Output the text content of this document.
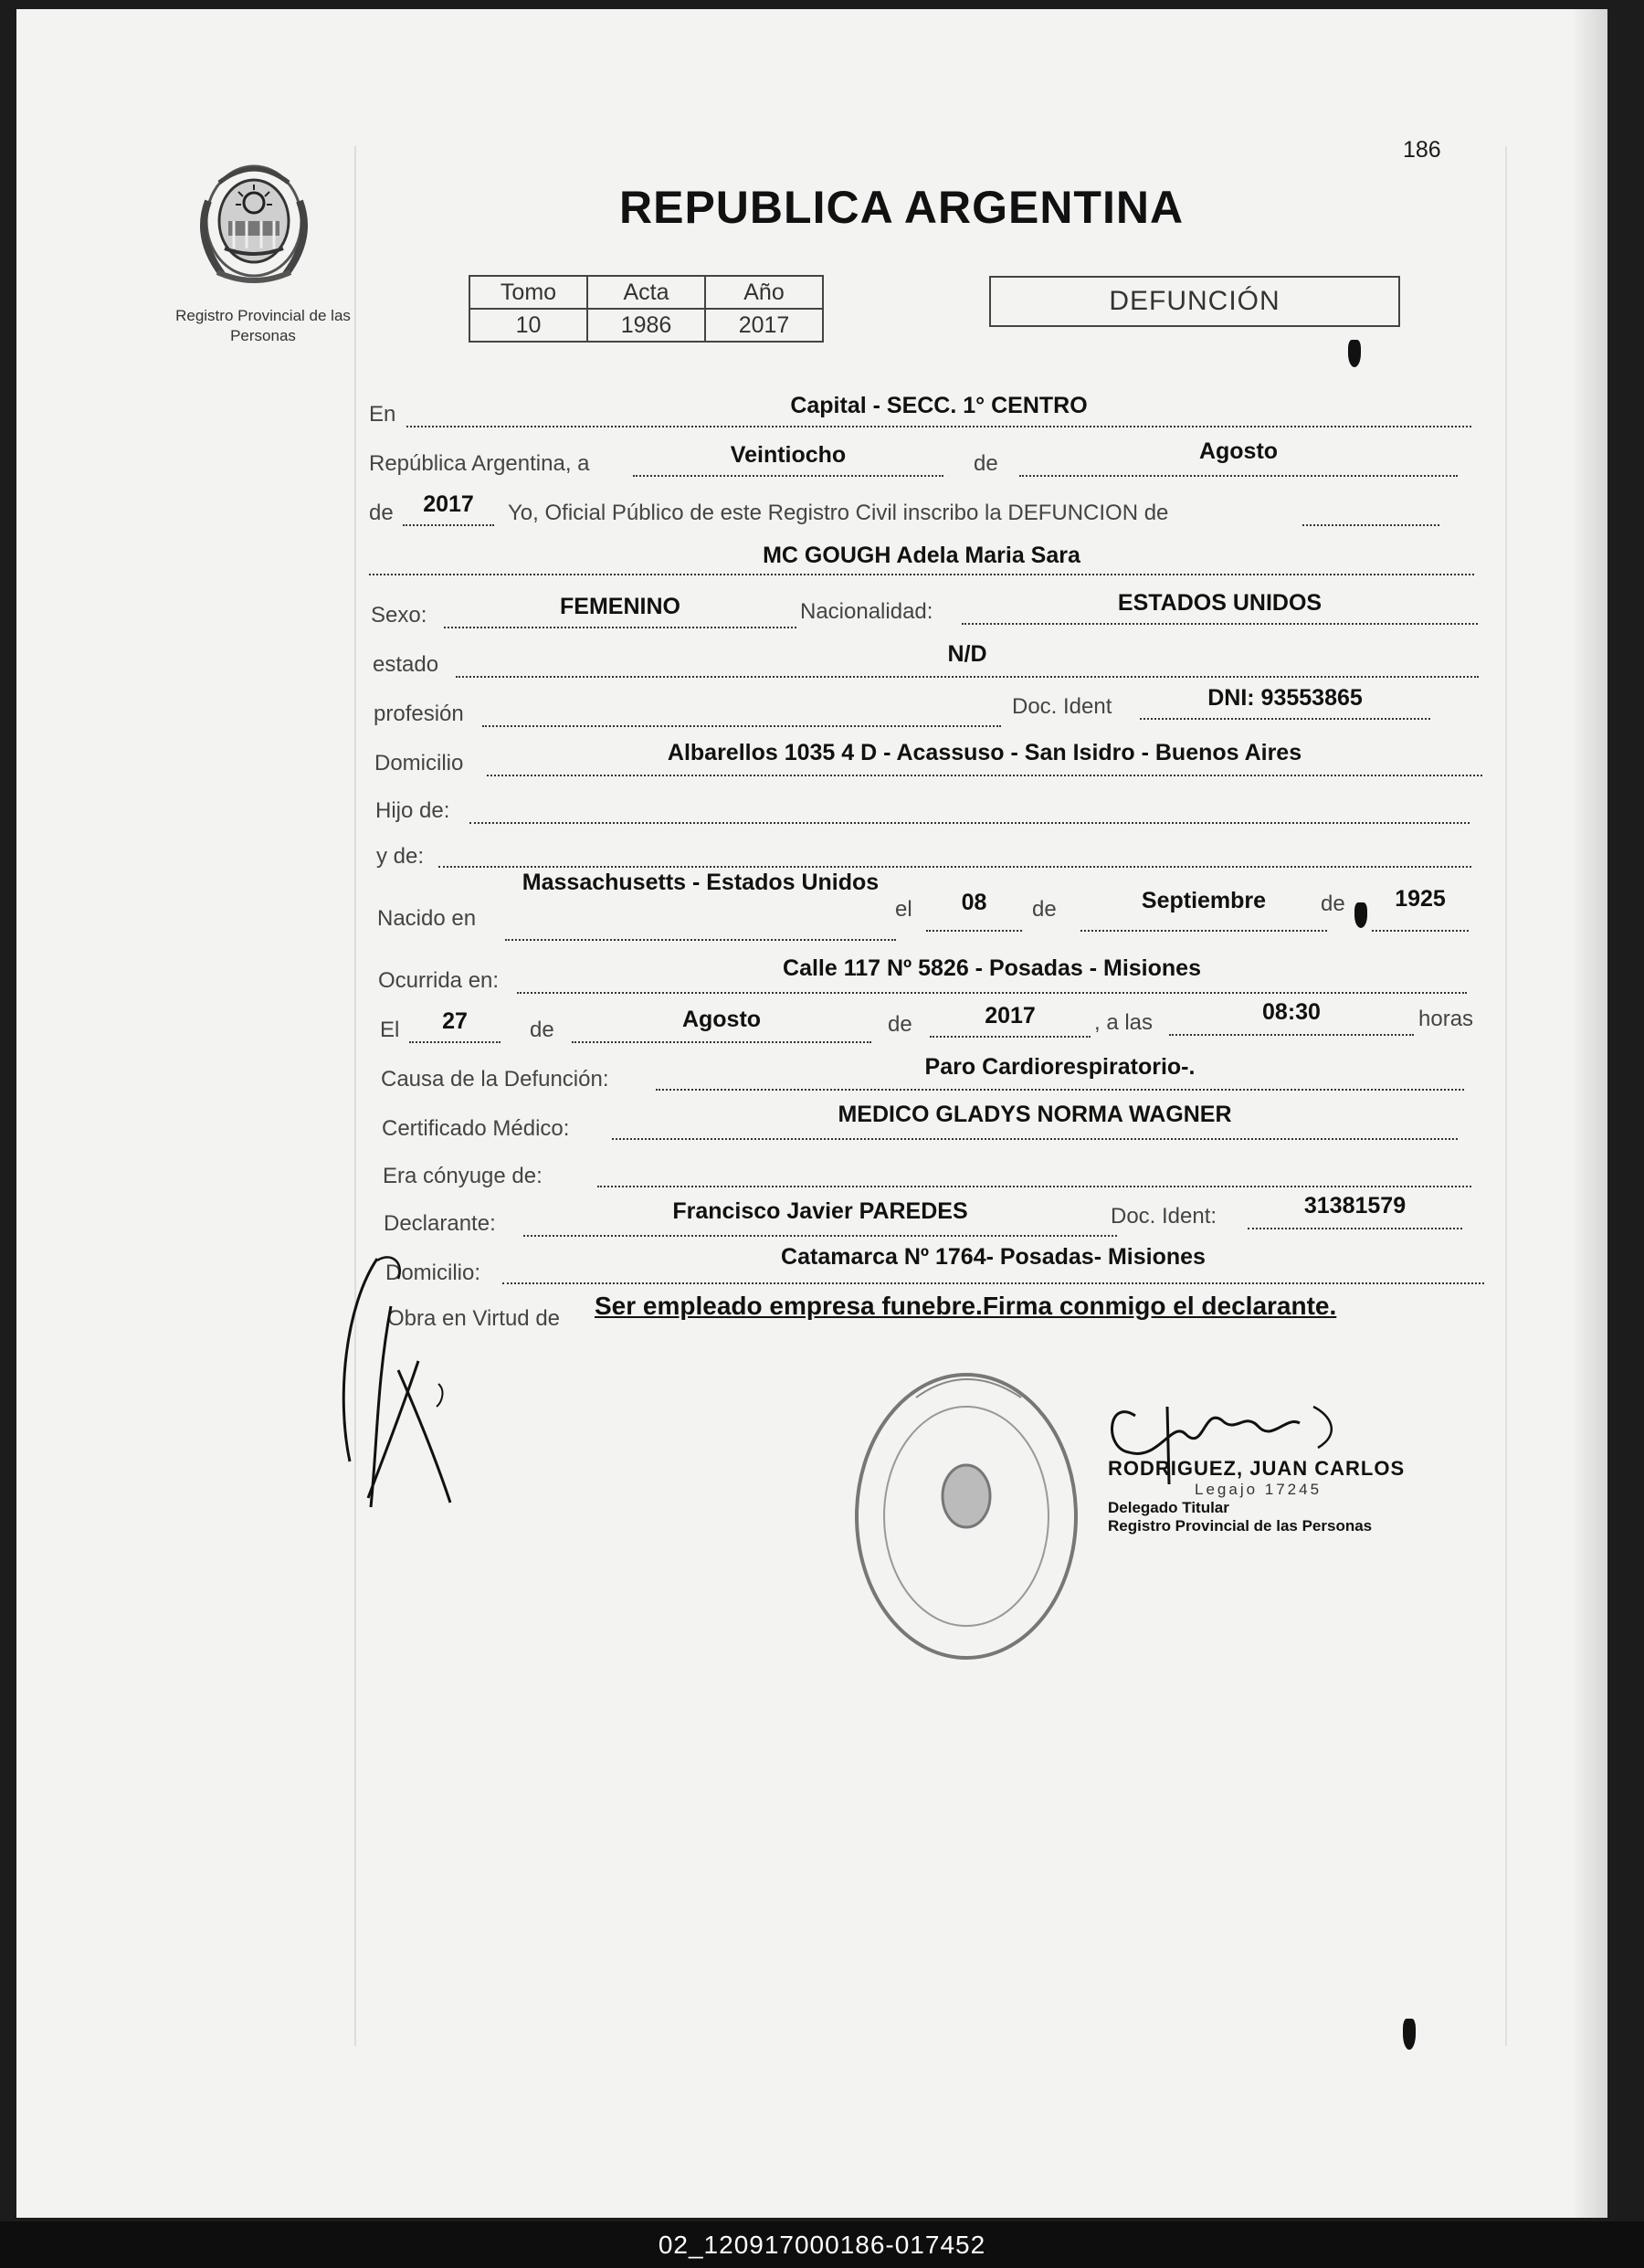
186
Registro Provincial de las Personas
REPUBLICA ARGENTINA
Tomo	Acta	Año
10	1986	2017
DEFUNCIÓN
En	Capital - SECC. 1° CENTRO
República Argentina, a	Veintiocho	de	Agosto
de	2017	Yo, Oficial Público de este Registro Civil inscribo la DEFUNCION de
MC GOUGH Adela Maria Sara
Sexo:	FEMENINO	Nacionalidad:	ESTADOS UNIDOS
estado	N/D
profesión	Doc. Ident	DNI: 93553865
Domicilio	Albarellos 1035 4 D - Acassuso - San Isidro - Buenos Aires
Hijo de:
y de:
Nacido en
Massachusetts - Estados Unidos
el	08	de	Septiembre	de	1925
Ocurrida en:	Calle 117 Nº 5826 - Posadas - Misiones
El	27	de	Agosto	de	2017	, a las	08:30	horas
Causa de la Defunción:	Paro Cardiorespiratorio-.
Certificado Médico:
MEDICO GLADYS NORMA WAGNER
Era cónyuge de:
Declarante:	Francisco Javier PAREDES	Doc. Ident:	31381579
Domicilio:
Catamarca Nº 1764- Posadas- Misiones
Obra en Virtud de Ser empleado empresa funebre.Firma conmigo el declarante.
RODRIGUEZ, JUAN CARLOS
Legajo 17245
Delegado Titular
Registro Provincial de las Personas
02_120917000186-017452
